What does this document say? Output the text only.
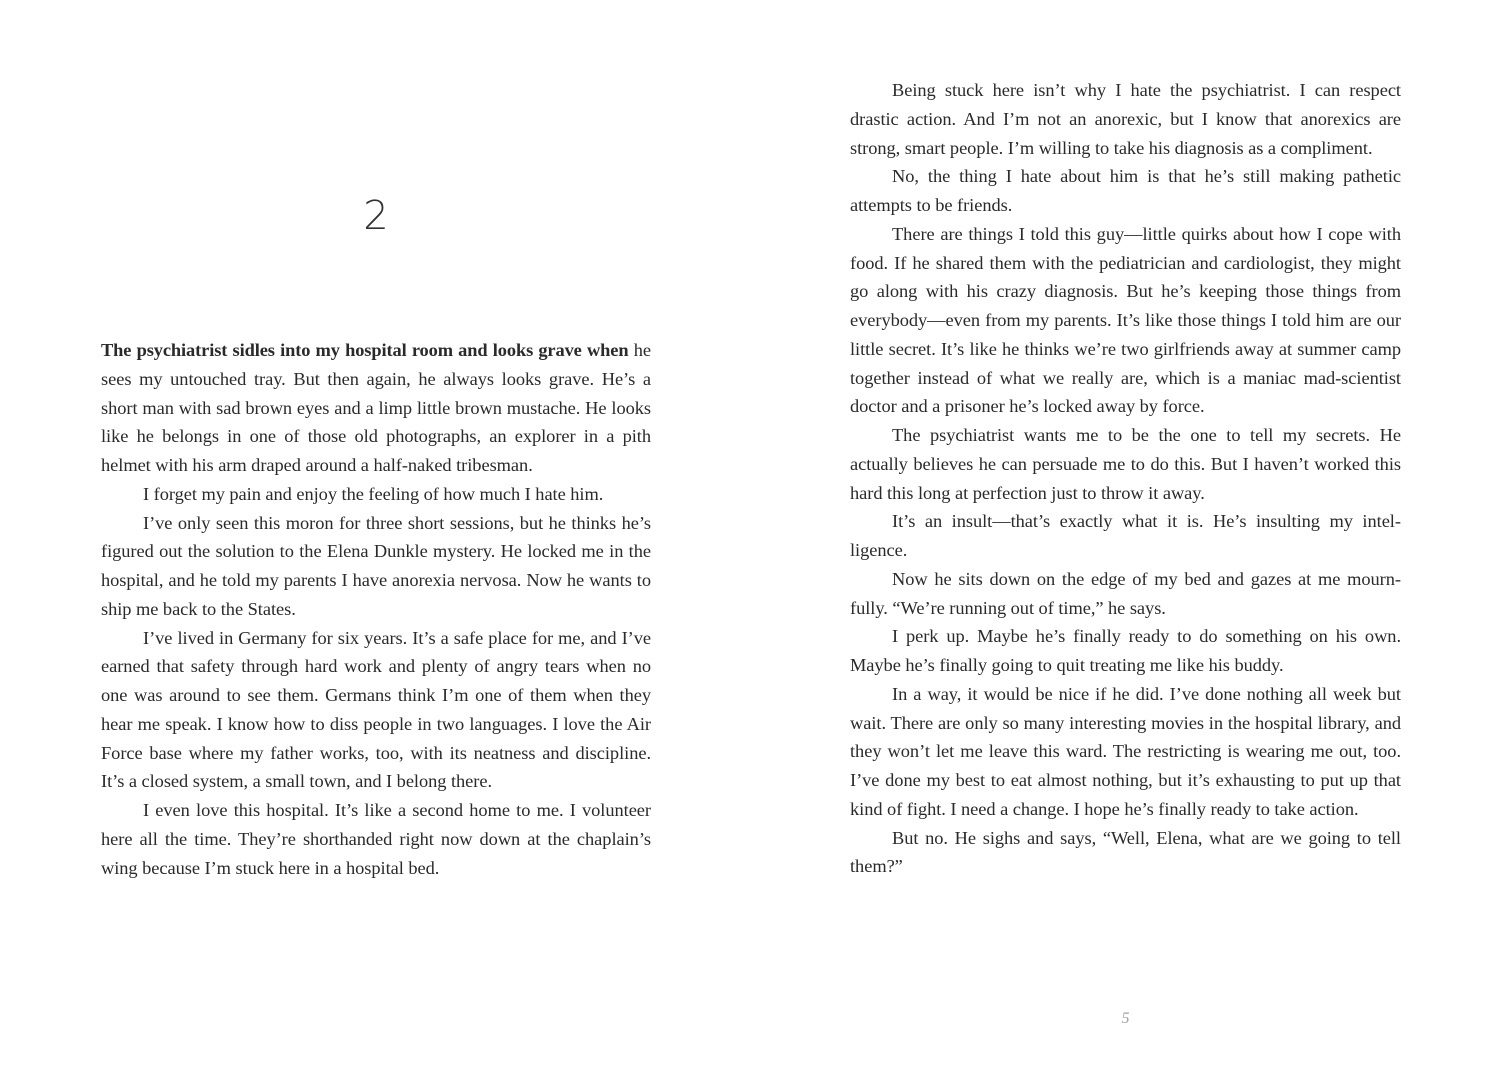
2

The psychiatrist sidles into my hospital room and looks grave when he sees my untouched tray. But then again, he always looks grave. He’s a short man with sad brown eyes and a limp little brown mustache. He looks like he belongs in one of those old photographs, an explorer in a pith helmet with his arm draped around a half-naked tribesman.

I forget my pain and enjoy the feeling of how much I hate him.

I’ve only seen this moron for three short sessions, but he thinks he’s figured out the solution to the Elena Dunkle mystery. He locked me in the hospital, and he told my parents I have anorexia nervosa. Now he wants to ship me back to the States.

I’ve lived in Germany for six years. It’s a safe place for me, and I’ve earned that safety through hard work and plenty of angry tears when no one was around to see them. Germans think I’m one of them when they hear me speak. I know how to diss people in two languages. I love the Air Force base where my father works, too, with its neatness and discipline. It’s a closed system, a small town, and I belong there.

I even love this hospital. It’s like a second home to me. I volunteer here all the time. They’re shorthanded right now down at the chaplain’s wing because I’m stuck here in a hospital bed.

Being stuck here isn’t why I hate the psychiatrist. I can respect drastic action. And I’m not an anorexic, but I know that anorexics are strong, smart people. I’m willing to take his diagnosis as a compliment.

No, the thing I hate about him is that he’s still making pathetic attempts to be friends.

There are things I told this guy—little quirks about how I cope with food. If he shared them with the pediatrician and cardiologist, they might go along with his crazy diagnosis. But he’s keeping those things from everybody—even from my parents. It’s like those things I told him are our little secret. It’s like he thinks we’re two girlfriends away at summer camp together instead of what we really are, which is a maniac mad-scientist doctor and a prisoner he’s locked away by force.

The psychiatrist wants me to be the one to tell my secrets. He actually believes he can persuade me to do this. But I haven’t worked this hard this long at perfection just to throw it away.

It’s an insult—that’s exactly what it is. He’s insulting my intelligence.

Now he sits down on the edge of my bed and gazes at me mournfully. “We’re running out of time,” he says.

I perk up. Maybe he’s finally ready to do something on his own. Maybe he’s finally going to quit treating me like his buddy.

In a way, it would be nice if he did. I’ve done nothing all week but wait. There are only so many interesting movies in the hospital library, and they won’t let me leave this ward. The restricting is wearing me out, too. I’ve done my best to eat almost nothing, but it’s exhausting to put up that kind of fight. I need a change. I hope he’s finally ready to take action.

But no. He sighs and says, “Well, Elena, what are we going to tell them?”

5
